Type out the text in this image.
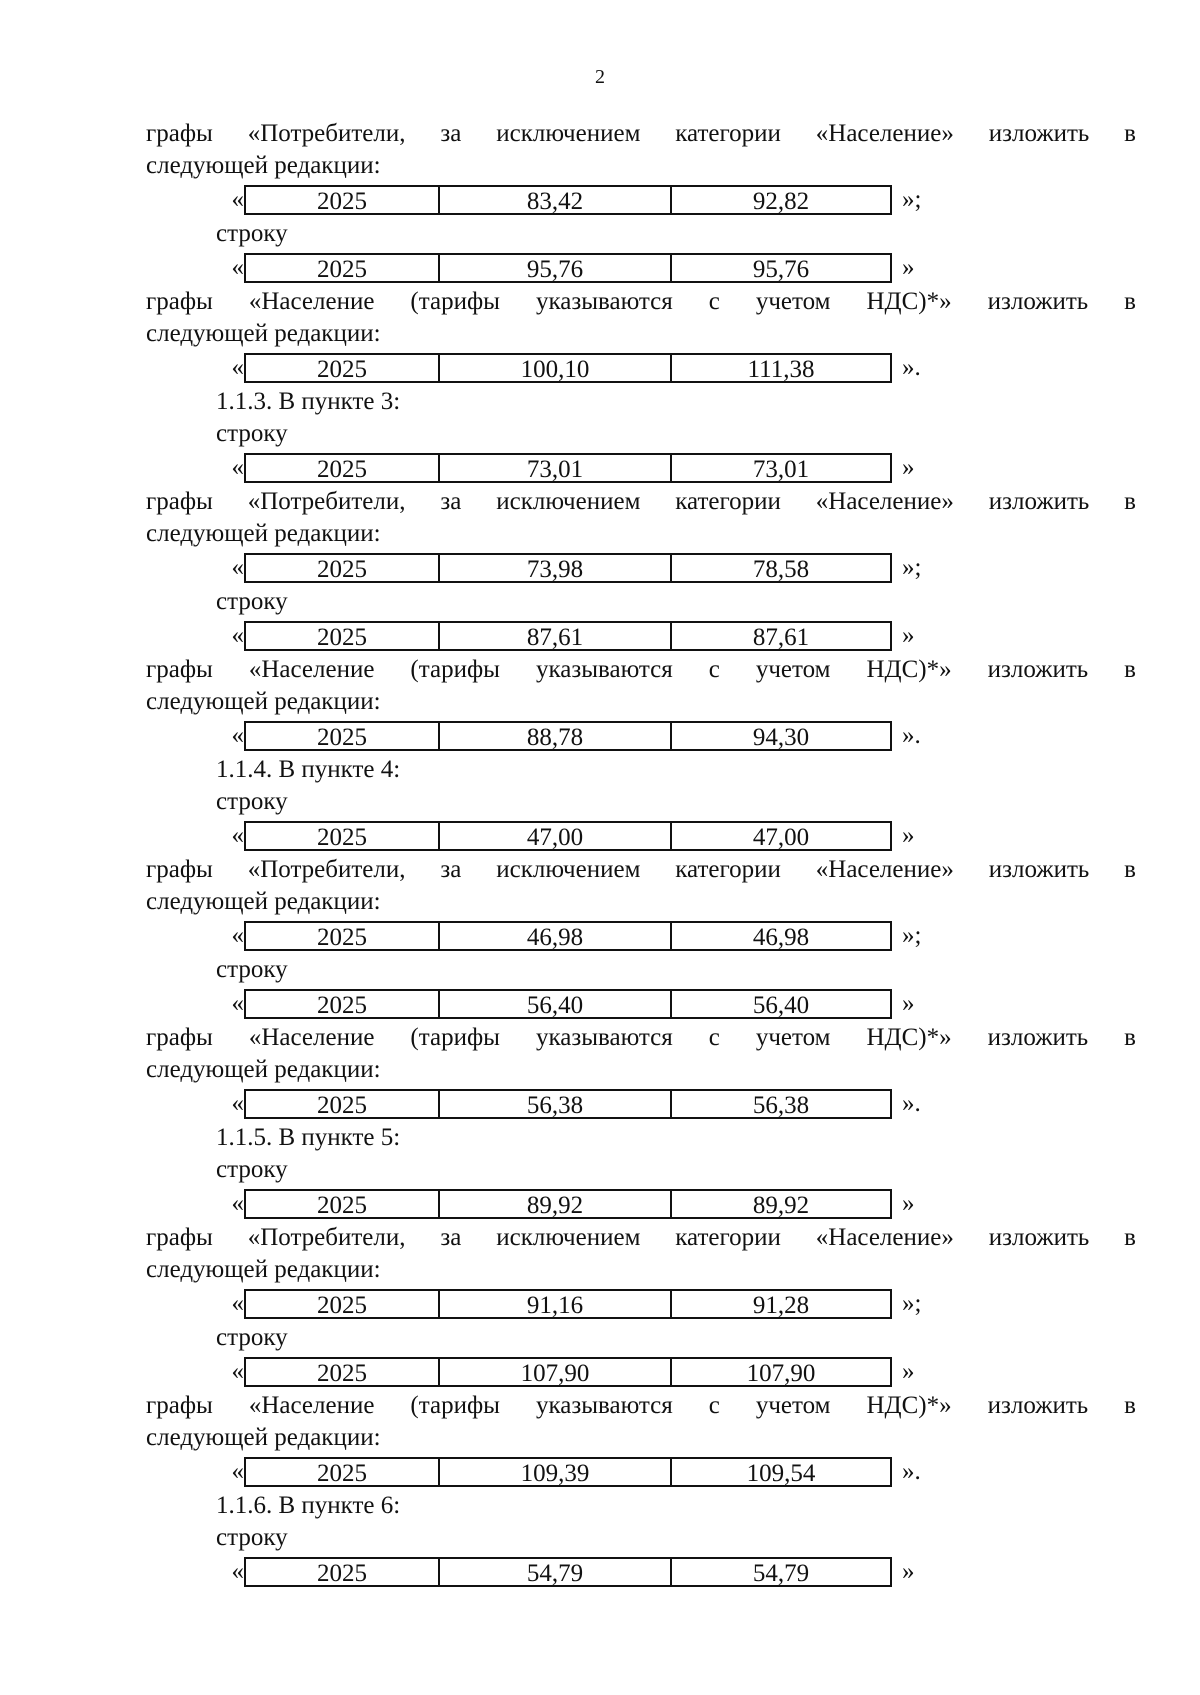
2
графы «Потребители, за исключением категории «Население» изложить в
следующей редакции:
«	2025	83,42	92,82	»;
строку
«	2025	95,76	95,76	»
графы «Население (тарифы указываются с учетом НДС)*» изложить в
следующей редакции:
«	2025	100,10	111,38	».
1.1.3. В пункте 3:
строку
«	2025	73,01	73,01	»
графы «Потребители, за исключением категории «Население» изложить в
следующей редакции:
«	2025	73,98	78,58	»;
строку
«	2025	87,61	87,61	»
графы «Население (тарифы указываются с учетом НДС)*» изложить в
следующей редакции:
«	2025	88,78	94,30	».
1.1.4. В пункте 4:
строку
«	2025	47,00	47,00	»
графы «Потребители, за исключением категории «Население» изложить в
следующей редакции:
«	2025	46,98	46,98	»;
строку
«	2025	56,40	56,40	»
графы «Население (тарифы указываются с учетом НДС)*» изложить в
следующей редакции:
«	2025	56,38	56,38	».
1.1.5. В пункте 5:
строку
«	2025	89,92	89,92	»
графы «Потребители, за исключением категории «Население» изложить в
следующей редакции:
«	2025	91,16	91,28	»;
строку
«	2025	107,90	107,90	»
графы «Население (тарифы указываются с учетом НДС)*» изложить в
следующей редакции:
«	2025	109,39	109,54	».
1.1.6. В пункте 6:
строку
«	2025	54,79	54,79	»
